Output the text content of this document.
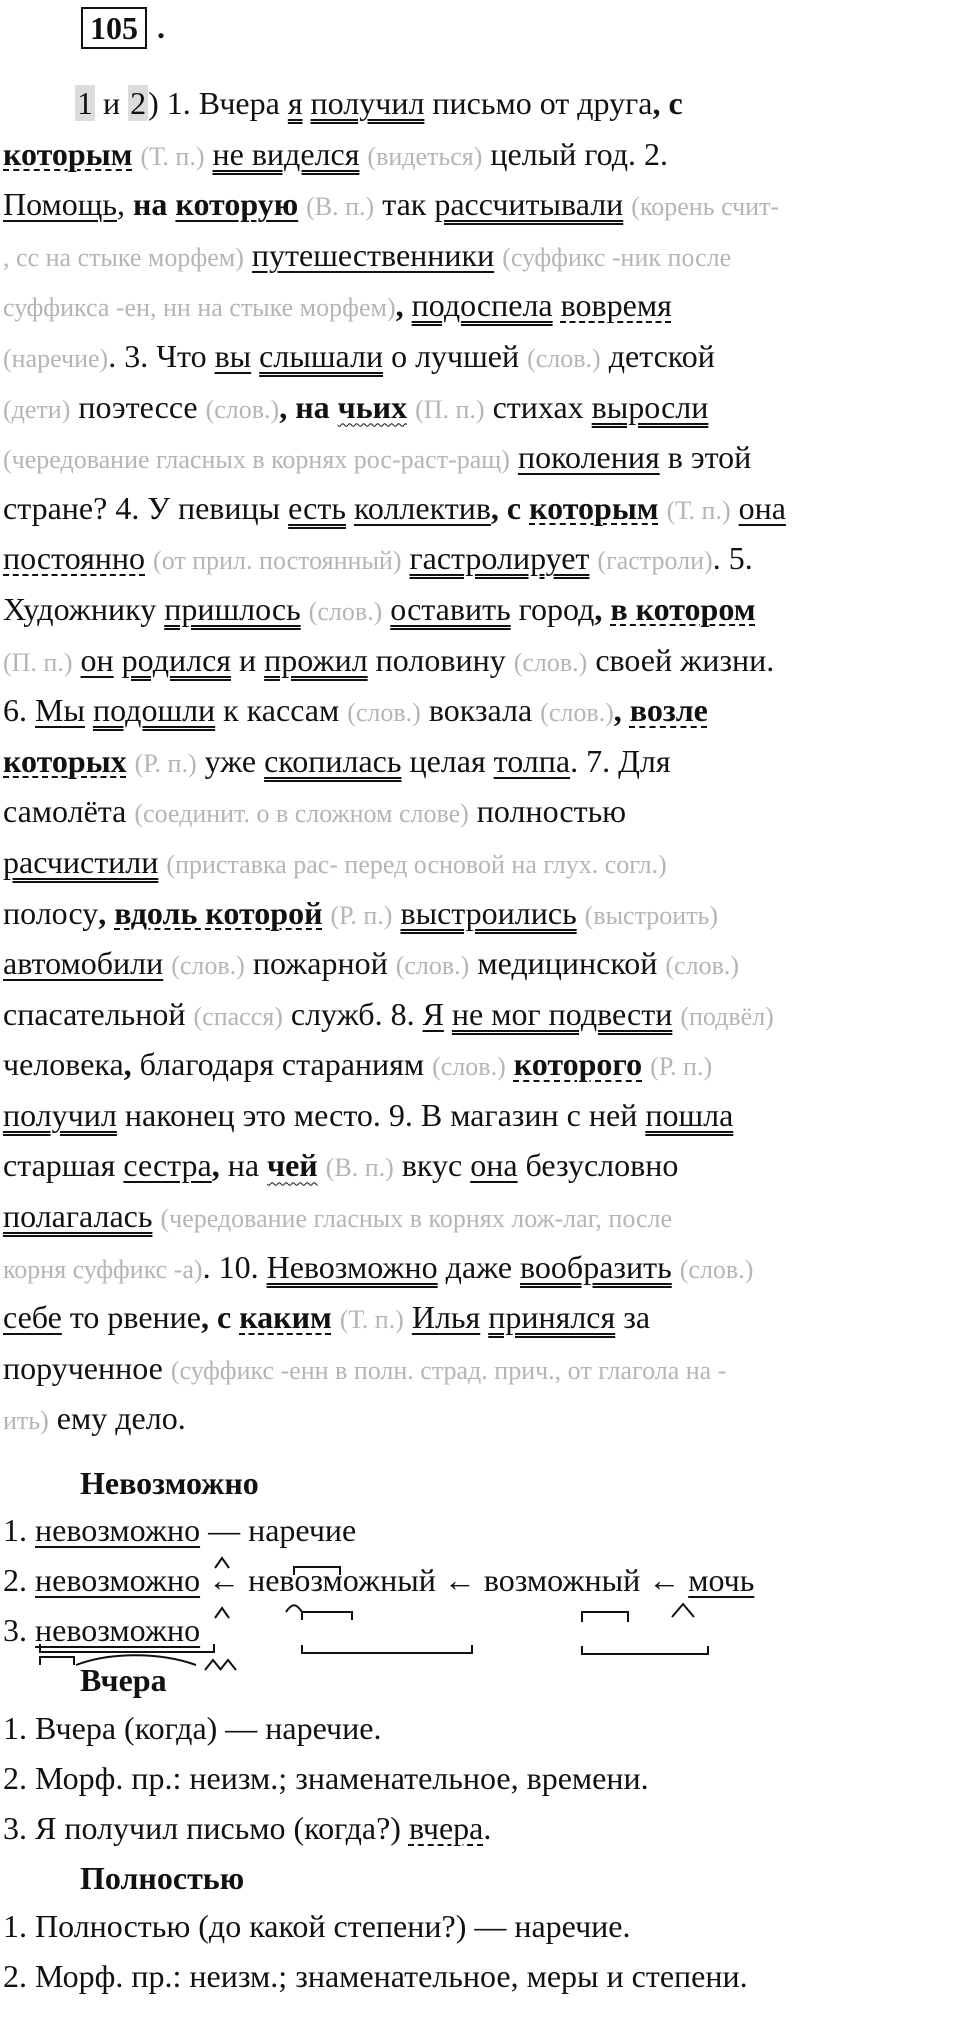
105 .
1 и 2) 1. Вчера я получил письмо от друга, с
которым (Т. п.) не виделся (видеться) целый год. 2.
Помощь, на которую (В. п.) так рассчитывали (корень счит-
, сс на стыке морфем) путешественники (суффикс -ник после
суффикса -ен, нн на стыке морфем), подоспела вовремя
(наречие). 3. Что вы слышали о лучшей (слов.) детской
(дети) поэтессе (слов.), на чьих (П. п.) стихах выросли
(чередование гласных в корнях рос-раст-ращ) поколения в этой
стране? 4. У певицы есть коллектив, с которым (Т. п.) она
постоянно (от прил. постоянный) гастролирует (гастроли). 5.
Художнику пришлось (слов.) оставить город, в котором
(П. п.) он родился и прожил половину (слов.) своей жизни.
6. Мы подошли к кассам (слов.) вокзала (слов.), возле
которых (Р. п.) уже скопилась целая толпа. 7. Для
самолёта (соединит. о в сложном слове) полностью
расчистили (приставка рас- перед основой на глух. согл.)
полосу, вдоль которой (Р. п.) выстроились (выстроить)
автомобили (слов.) пожарной (слов.) медицинской (слов.)
спасательной (спасся) служб. 8. Я не мог подвести (подвёл)
человека, благодаря стараниям (слов.) которого (Р. п.)
получил наконец это место. 9. В магазин с ней пошла
старшая сестра, на чей (В. п.) вкус она безусловно
полагалась (чередование гласных в корнях лож-лаг, после
корня суффикс -а). 10. Невозможно даже вообразить (слов.)
себе то рвение, с каким (Т. п.) Илья принялся за
порученное (суффикс -енн в полн. страд. прич., от глагола на -
ить) ему дело.
Невозможно
1. невозможно — наречие
2. невозможно ← невозможный ← возможный ← мочь
3. невозможно
Вчера
1. Вчера (когда) — наречие.
2. Морф. пр.: неизм.; знаменательное, времени.
3. Я получил письмо (когда?) вчера.
Полностью
1. Полностью (до какой степени?) — наречие.
2. Морф. пр.: неизм.; знаменательное, меры и степени.
